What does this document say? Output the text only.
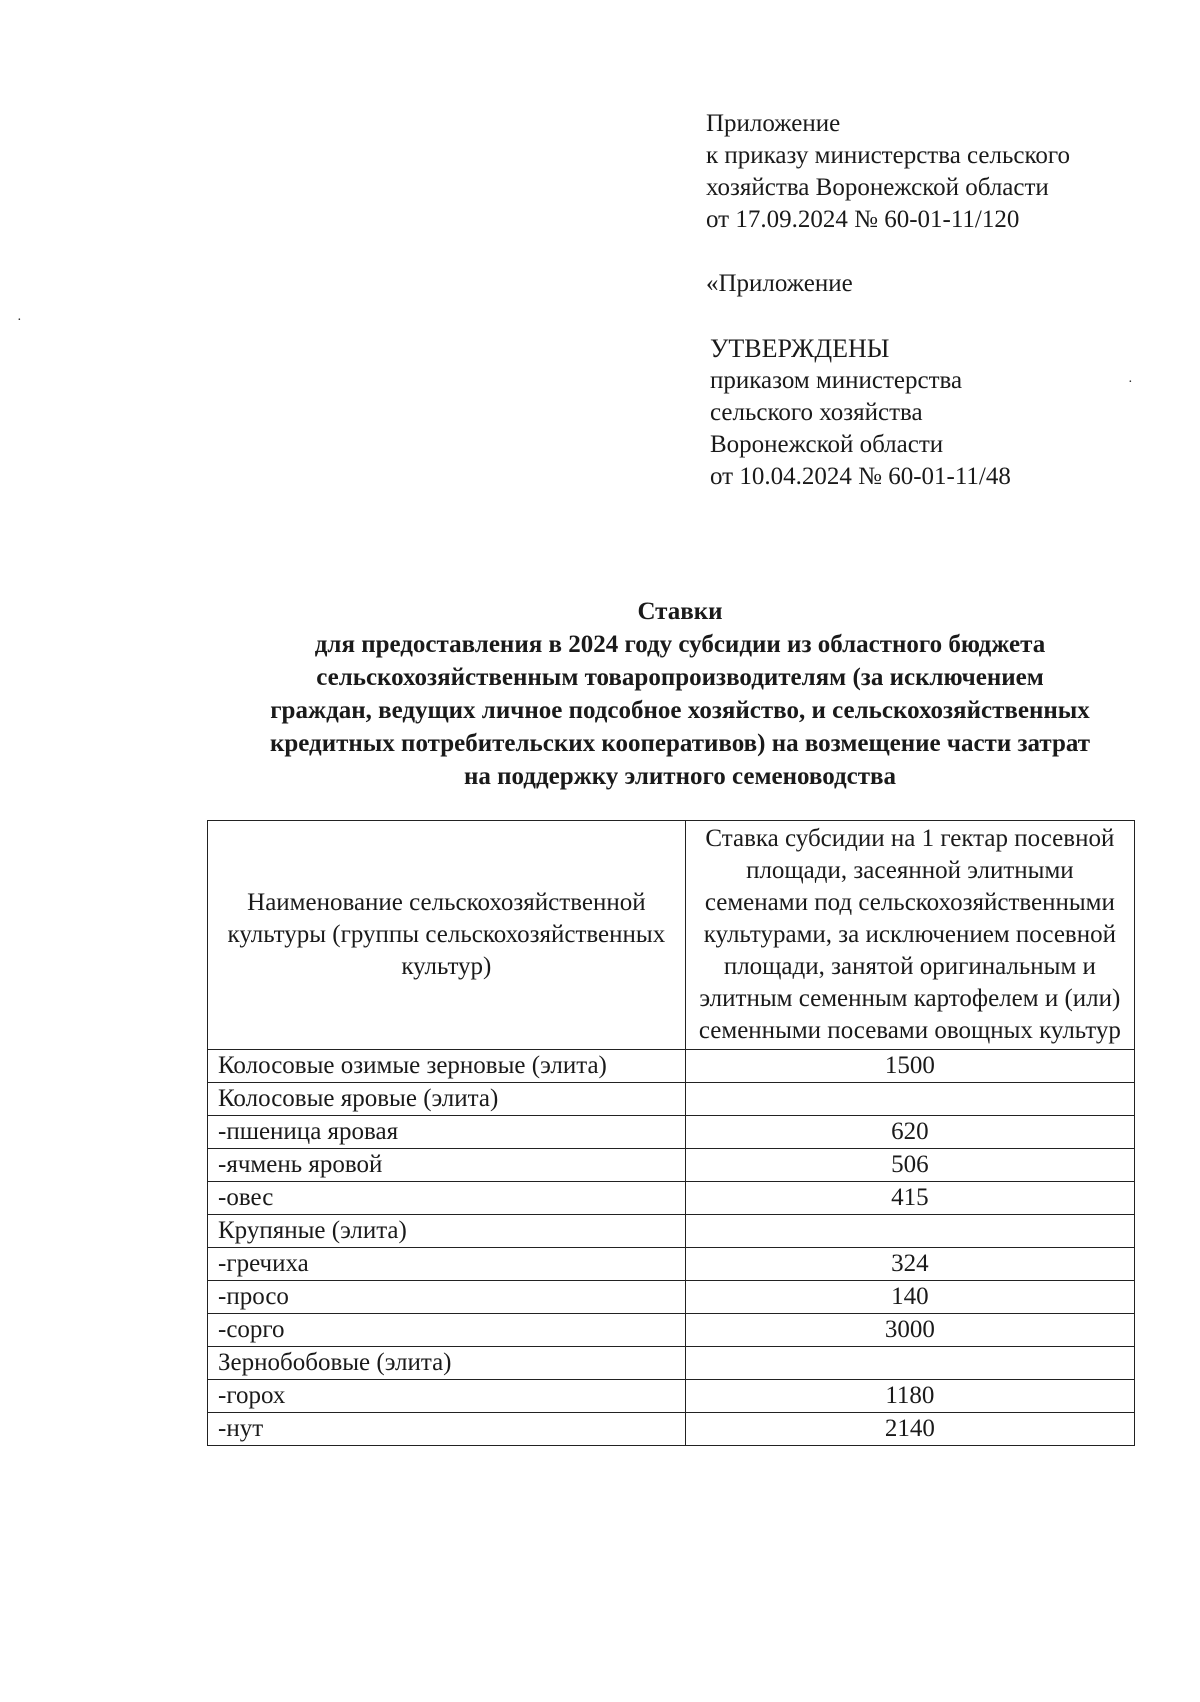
Приложение

к приказу министерства сельского

хозяйства Воронежской области

от 17.09.2024 № 60-01-11/120

«Приложение

УТВЕРЖДЕНЫ

приказом министерства

сельского хозяйства

Воронежской области

от 10.04.2024 № 60-01-11/48

·
·
Ставки
для предоставления в 2024 году субсидии из областного бюджета
сельскохозяйственным товаропроизводителям (за исключением
граждан, ведущих личное подсобное хозяйство, и сельскохозяйственных
кредитных потребительских кооперативов) на возмещение части затрат
на поддержку элитного семеноводства
Наименование сельскохозяйственной культуры (группы сельскохозяйственных культур)	Ставка субсидии на 1 гектар посевной площади, засеянной элитными семенами под сельскохозяйственными культурами, за исключением посевной площади, занятой оригинальным и элитным семенным картофелем и (или) семенными посевами овощных культур
Колосовые озимые зерновые (элита)	1500
Колосовые яровые (элита)	
-пшеница яровая	620
-ячмень яровой	506
-овес	415
Крупяные (элита)	
-гречиха	324
-просо	140
-сорго	3000
Зернобобовые (элита)	
-горох	1180
-нут	2140
